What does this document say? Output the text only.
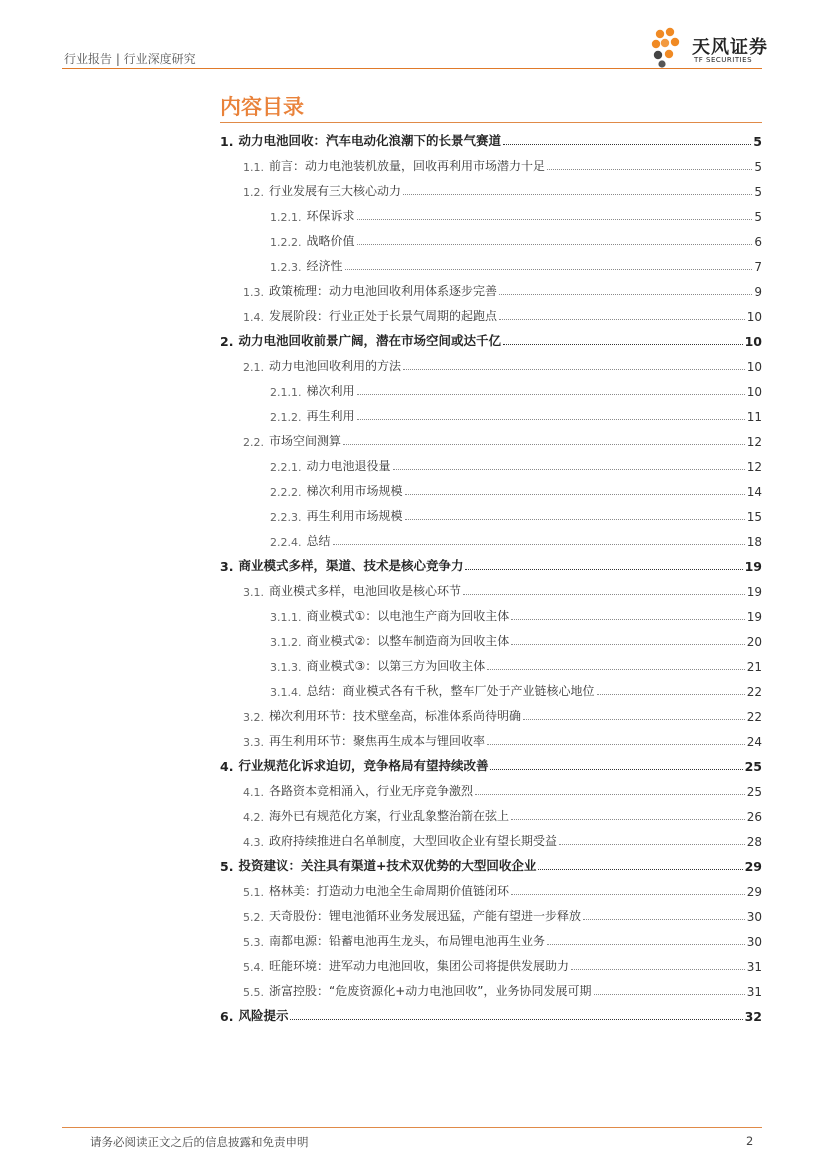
行业报告 | 行业深度研究
天风证券
TF SECURITIES
内容目录
1. 动力电池回收：汽车电动化浪潮下的长景气赛道	5
1.1. 前言：动力电池装机放量，回收再利用市场潜力十足	5
1.2. 行业发展有三大核心动力	5
1.2.1. 环保诉求	5
1.2.2. 战略价值	6
1.2.3. 经济性	7
1.3. 政策梳理：动力电池回收利用体系逐步完善	9
1.4. 发展阶段：行业正处于长景气周期的起跑点	10
2. 动力电池回收前景广阔，潜在市场空间或达千亿	10
2.1. 动力电池回收利用的方法	10
2.1.1. 梯次利用	10
2.1.2. 再生利用	11
2.2. 市场空间测算	12
2.2.1. 动力电池退役量	12
2.2.2. 梯次利用市场规模	14
2.2.3. 再生利用市场规模	15
2.2.4. 总结	18
3. 商业模式多样，渠道、技术是核心竞争力	19
3.1. 商业模式多样，电池回收是核心环节	19
3.1.1. 商业模式①：以电池生产商为回收主体	19
3.1.2. 商业模式②：以整车制造商为回收主体	20
3.1.3. 商业模式③：以第三方为回收主体	21
3.1.4. 总结：商业模式各有千秋，整车厂处于产业链核心地位	22
3.2. 梯次利用环节：技术壁垒高，标准体系尚待明确	22
3.3. 再生利用环节：聚焦再生成本与锂回收率	24
4. 行业规范化诉求迫切，竞争格局有望持续改善	25
4.1. 各路资本竞相涌入，行业无序竞争激烈	25
4.2. 海外已有规范化方案，行业乱象整治箭在弦上	26
4.3. 政府持续推进白名单制度，大型回收企业有望长期受益	28
5. 投资建议：关注具有渠道+技术双优势的大型回收企业	29
5.1. 格林美：打造动力电池全生命周期价值链闭环	29
5.2. 天奇股份：锂电池循环业务发展迅猛，产能有望进一步释放	30
5.3. 南都电源：铅蓄电池再生龙头，布局锂电池再生业务	30
5.4. 旺能环境：进军动力电池回收，集团公司将提供发展助力	31
5.5. 浙富控股：“危废资源化+动力电池回收”，业务协同发展可期	31
6. 风险提示	32
请务必阅读正文之后的信息披露和免责申明	2
